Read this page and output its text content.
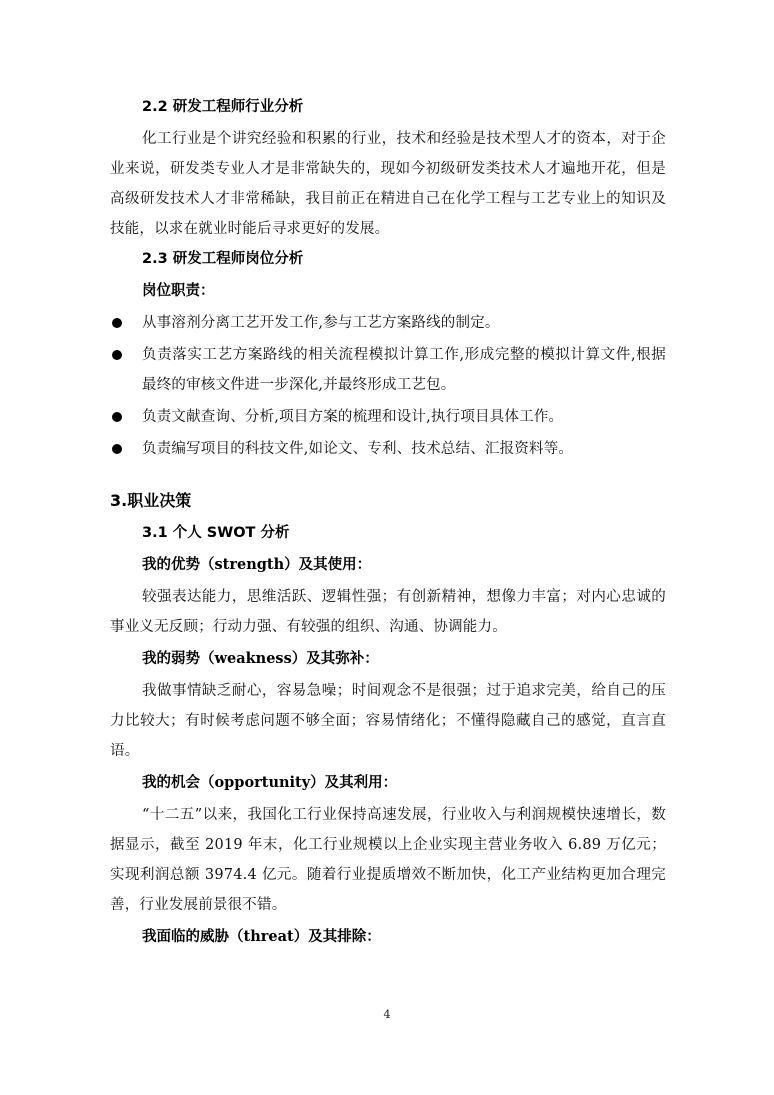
2.2 研发工程师行业分析

化工行业是个讲究经验和积累的行业，技术和经验是技术型人才的资本，对于企业来说，研发类专业人才是非常缺失的，现如今初级研发类技术人才遍地开花，但是高级研发技术人才非常稀缺，我目前正在精进自己在化学工程与工艺专业上的知识及技能，以求在就业时能后寻求更好的发展。

2.3 研发工程师岗位分析

岗位职责：

从事溶剂分离工艺开发工作,参与工艺方案路线的制定。
负责落实工艺方案路线的相关流程模拟计算工作,形成完整的模拟计算文件,根据最终的审核文件进一步深化,并最终形成工艺包。
负责文献查询、分析,项目方案的梳理和设计,执行项目具体工作。
负责编写项目的科技文件,如论文、专利、技术总结、汇报资料等。

3.职业决策

3.1 个人 SWOT 分析

我的优势（strength）及其使用：

较强表达能力，思维活跃、逻辑性强；有创新精神，想像力丰富；对内心忠诚的事业义无反顾；行动力强、有较强的组织、沟通、协调能力。

我的弱势（weakness）及其弥补：

我做事情缺乏耐心，容易急噪；时间观念不是很强；过于追求完美，给自己的压力比较大；有时候考虑问题不够全面；容易情绪化；不懂得隐藏自己的感觉，直言直语。

我的机会（opportunity）及其利用：

“十二五”以来，我国化工行业保持高速发展，行业收入与利润规模快速增长，数据显示，截至 2019 年末，化工行业规模以上企业实现主营业务收入 6.89 万亿元；实现利润总额 3974.4 亿元。随着行业提质增效不断加快，化工产业结构更加合理完善，行业发展前景很不错。

我面临的威胁（threat）及其排除：

4
